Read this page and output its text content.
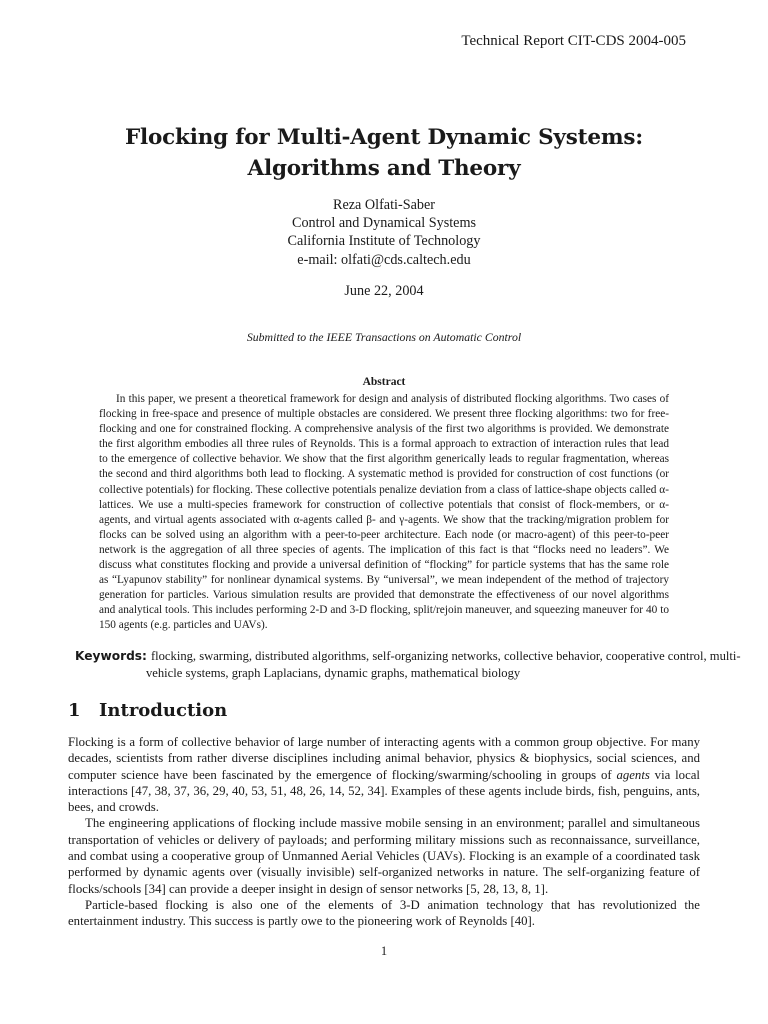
Technical Report CIT-CDS 2004-005
Flocking for Multi-Agent Dynamic Systems:
Algorithms and Theory
Reza Olfati-Saber
Control and Dynamical Systems
California Institute of Technology
e-mail: olfati@cds.caltech.edu
June 22, 2004
Submitted to the IEEE Transactions on Automatic Control
Abstract
In this paper, we present a theoretical framework for design and analysis of distributed flocking algorithms. Two cases of flocking in free-space and presence of multiple obstacles are considered. We present three flocking algorithms: two for free-flocking and one for constrained flocking. A comprehensive analysis of the first two algorithms is provided. We demonstrate the first algorithm embodies all three rules of Reynolds. This is a formal approach to extraction of interaction rules that lead to the emergence of collective behavior. We show that the first algorithm generically leads to regular fragmentation, whereas the second and third algorithms both lead to flocking. A systematic method is provided for construction of cost functions (or collective potentials) for flocking. These collective potentials penalize deviation from a class of lattice-shape objects called α-lattices. We use a multi-species framework for construction of collective potentials that consist of flock-members, or α-agents, and virtual agents associated with α-agents called β- and γ-agents. We show that the tracking/migration problem for flocks can be solved using an algorithm with a peer-to-peer architecture. Each node (or macro-agent) of this peer-to-peer network is the aggregation of all three species of agents. The implication of this fact is that “flocks need no leaders”. We discuss what constitutes flocking and provide a universal definition of “flocking” for particle systems that has the same role as “Lyapunov stability” for nonlinear dynamical systems. By “universal”, we mean independent of the method of trajectory generation for particles. Various simulation results are provided that demonstrate the effectiveness of our novel algorithms and analytical tools. This includes performing 2-D and 3-D flocking, split/rejoin maneuver, and squeezing maneuver for 40 to 150 agents (e.g. particles and UAVs).
Keywords: flocking, swarming, distributed algorithms, self-organizing networks, collective behavior, cooperative control, multi-vehicle systems, graph Laplacians, dynamic graphs, mathematical biology
1 Introduction

Flocking is a form of collective behavior of large number of interacting agents with a common group objective. For many decades, scientists from rather diverse disciplines including animal behavior, physics & biophysics, social sciences, and computer science have been fascinated by the emergence of flocking/swarming/schooling in groups of agents via local interactions [47, 38, 37, 36, 29, 40, 53, 51, 48, 26, 14, 52, 34]. Examples of these agents include birds, fish, penguins, ants, bees, and crowds.

The engineering applications of flocking include massive mobile sensing in an environment; parallel and simultaneous transportation of vehicles or delivery of payloads; and performing military missions such as reconnaissance, surveillance, and combat using a cooperative group of Unmanned Aerial Vehicles (UAVs). Flocking is an example of a coordinated task performed by dynamic agents over (visually invisible) self-organized networks in nature. The self-organizing feature of flocks/schools [34] can provide a deeper insight in design of sensor networks [5, 28, 13, 8, 1].

Particle-based flocking is also one of the elements of 3-D animation technology that has revolutionized the entertainment industry. This success is partly owe to the pioneering work of Reynolds [40].

1
